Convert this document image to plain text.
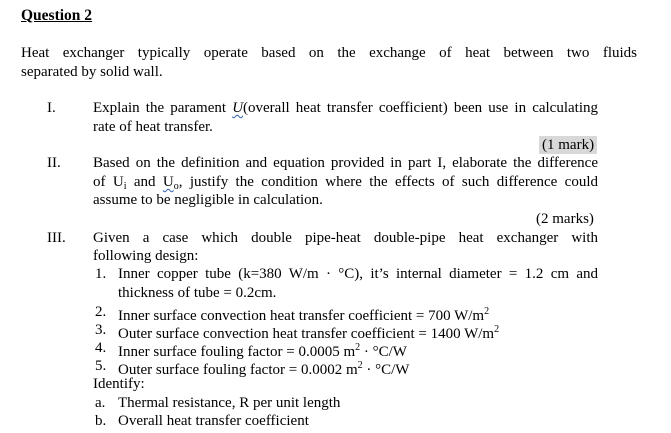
Question 2
Heat exchanger typically operate based on the exchange of heat between two fluids
separated by solid wall.
I. Explain the parament U(overall heat transfer coefficient) been use in calculating
rate of heat transfer.
(1 mark)
II. Based on the definition and equation provided in part I, elaborate the difference
of $U_i$ and $U_o$, justify the condition where the effects of such difference could
assume to be negligible in calculation.
(2 marks)
III. Given a case which double pipe-heat double-pipe heat exchanger with
following design:
1. Inner copper tube (k=380 W/m · °C), it’s internal diameter = 1.2 cm and
thickness of tube = 0.2cm.
2. Inner surface convection heat transfer coefficient = 700 $W/m^2$
3. Outer surface convection heat transfer coefficient = 1400 $W/m^2$
4. Inner surface fouling factor = 0.0005 $m^2 \cdot ^\circ C/W$
5. Outer surface fouling factor = 0.0002 $m^2 \cdot ^\circ C/W$
Identify:
a. Thermal resistance, R per unit length
b. Overall heat transfer coefficient
